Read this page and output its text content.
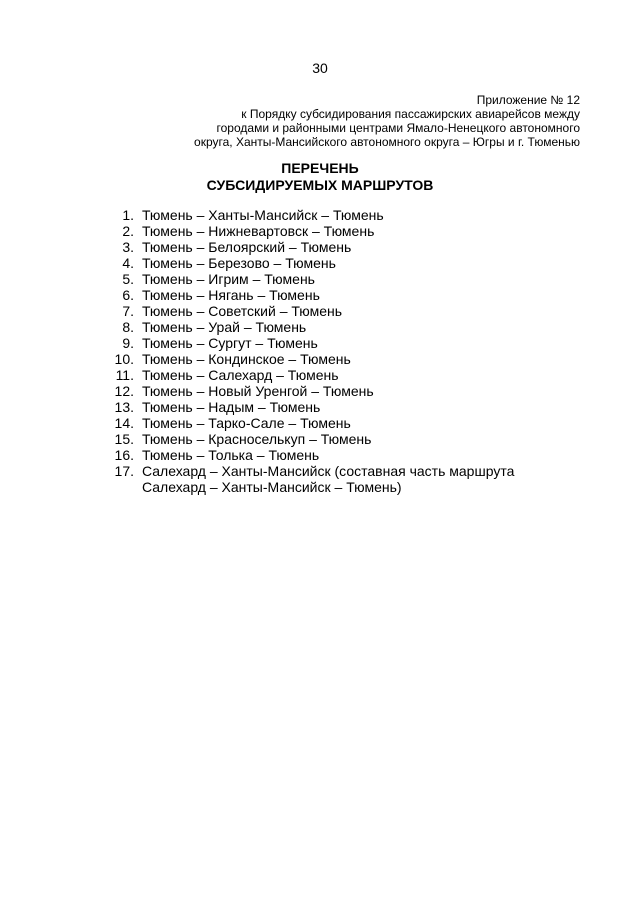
30
Приложение № 12
к Порядку субсидирования пассажирских авиарейсов между
городами и районными центрами Ямало-Ненецкого автономного
округа, Ханты-Мансийского автономного округа – Югры и г. Тюменью
ПЕРЕЧЕНЬ
СУБСИДИРУЕМЫХ МАРШРУТОВ
1. Тюмень – Ханты-Мансийск – Тюмень
2. Тюмень – Нижневартовск – Тюмень
3. Тюмень – Белоярский – Тюмень
4. Тюмень – Березово – Тюмень
5. Тюмень – Игрим – Тюмень
6. Тюмень – Нягань – Тюмень
7. Тюмень – Советский – Тюмень
8. Тюмень – Урай – Тюмень
9. Тюмень – Сургут – Тюмень
10. Тюмень – Кондинское – Тюмень
11. Тюмень – Салехард – Тюмень
12. Тюмень – Новый Уренгой – Тюмень
13. Тюмень – Надым – Тюмень
14. Тюмень – Тарко-Сале – Тюмень
15. Тюмень – Красноселькуп – Тюмень
16. Тюмень – Толька – Тюмень
17. Салехард – Ханты-Мансийск (составная часть маршрута
Салехард – Ханты-Мансийск – Тюмень)
